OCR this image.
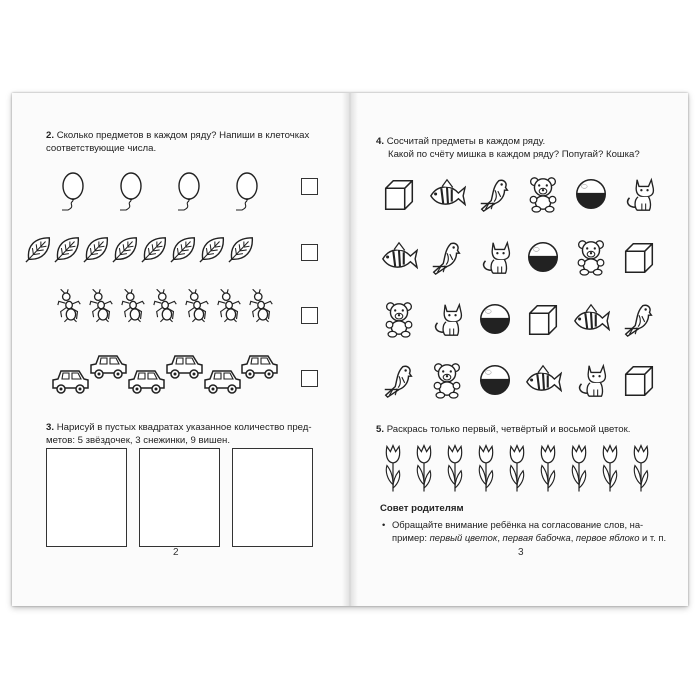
2. Сколько предметов в каждом ряду? Напиши в клеточках
соответствующие числа.
3. Нарисуй в пустых квадратах указанное количество пред-
метов: 5 звёздочек, 3 снежинки, 9 вишен.
2
4. Сосчитай предметы в каждом ряду.
Какой по счёту мишка в каждом ряду? Попугай? Кошка?
5. Раскрась только первый, четвёртый и восьмой цветок.
Совет родителям
• Обращайте внимание ребёнка на согласование слов, на-
пример: первый цветок, первая бабочка, первое яблоко и т. п.
3
